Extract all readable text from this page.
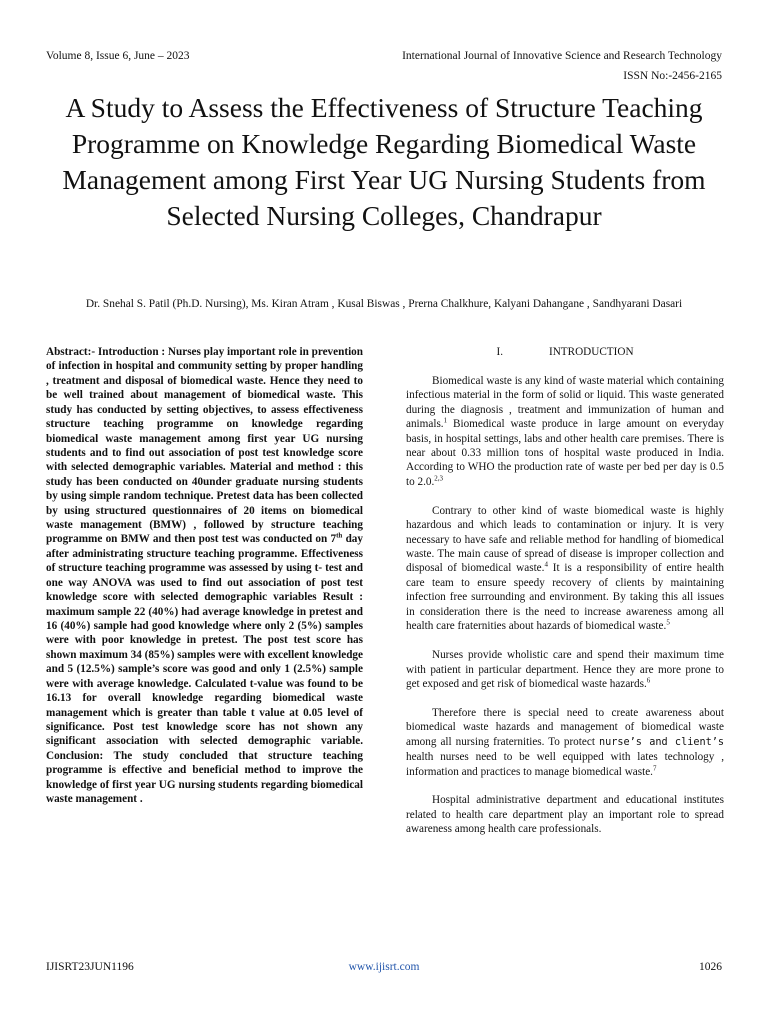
Volume 8, Issue 6, June – 2023	International Journal of Innovative Science and Research Technology
ISSN No:-2456-2165
A Study to Assess the Effectiveness of Structure Teaching Programme on Knowledge Regarding Biomedical Waste Management among First Year UG Nursing Students from Selected Nursing Colleges, Chandrapur

Dr. Snehal S. Patil (Ph.D. Nursing), Ms. Kiran Atram , Kusal Biswas , Prerna Chalkhure, Kalyani Dahangane , Sandhyarani Dasari

Abstract:- Introduction : Nurses play important role in prevention of infection in hospital and community setting by proper handling , treatment and disposal of biomedical waste. Hence they need to be well trained about management of biomedical waste. This study has conducted by setting objectives, to assess effectiveness structure teaching programme on knowledge regarding biomedical waste management among first year UG nursing students and to find out association of post test knowledge score with selected demographic variables. Material and method : this study has been conducted on 40under graduate nursing students by using simple random technique. Pretest data has been collected by using structured questionnaires of 20 items on biomedical waste management (BMW) , followed by structure teaching programme on BMW and then post test was conducted on 7th day after administrating structure teaching programme. Effectiveness of structure teaching programme was assessed by using t- test and one way ANOVA was used to find out association of post test knowledge score with selected demographic variables Result : maximum sample 22 (40%) had average knowledge in pretest and 16 (40%) sample had good knowledge where only 2 (5%) samples were with poor knowledge in pretest. The post test score has shown maximum 34 (85%) samples were with excellent knowledge and 5 (12.5%) sample’s score was good and only 1 (2.5%) sample were with average knowledge. Calculated t-value was found to be 16.13 for overall knowledge regarding biomedical waste management which is greater than table t value at 0.05 level of significance. Post test knowledge score has not shown any significant association with selected demographic variable. Conclusion: The study concluded that structure teaching programme is effective and beneficial method to improve the knowledge of first year UG nursing students regarding biomedical waste management .

I.	INTRODUCTION

Biomedical waste is any kind of waste material which containing infectious material in the form of solid or liquid. This waste generated during the diagnosis , treatment and immunization of human and animals.$^1$ Biomedical waste produce in large amount on everyday basis, in hospital settings, labs and other health care premises. There is near about 0.33 million tons of hospital waste produced in India. According to WHO the production rate of waste per bed per day is 0.5 to 2.0.$^{2,3}$

Contrary to other kind of waste biomedical waste is highly hazardous and which leads to contamination or injury. It is very necessary to have safe and reliable method for handling of biomedical waste. The main cause of spread of disease is improper collection and disposal of biomedical waste.$^4$ It is a responsibility of entire health care team to ensure speedy recovery of clients by maintaining infection free surrounding and environment. By taking this all issues in consideration there is the need to increase awareness among all health care fraternities about hazards of biomedical waste.$^5$

Nurses provide wholistic care and spend their maximum time with patient in particular department. Hence they are more prone to get exposed and get risk of biomedical waste hazards.$^6$

Therefore there is special need to create awareness about biomedical waste hazards and management of biomedical waste among all nursing fraternities. To protect nurse’s and client’s health nurses need to be well equipped with lates technology , information and practices to manage biomedical waste.$^7$

Hospital administrative department and educational institutes related to health care department play an important role to spread awareness among health care professionals.

IJISRT23JUN1196	www.ijisrt.com	1026
